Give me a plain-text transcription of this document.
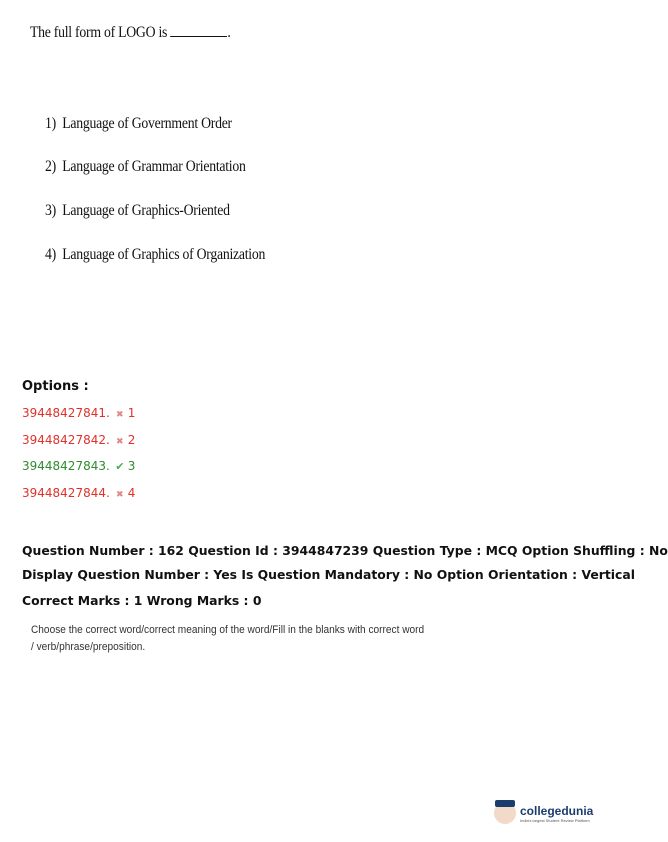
The full form of LOGO is	.
1) Language of Government Order
2) Language of Grammar Orientation
3) Language of Graphics-Oriented
4) Language of Graphics of Organization
Options :
39448427841. ✖ 1
39448427842. ✖ 2
39448427843. ✔ 3
39448427844. ✖ 4
Question Number : 162 Question Id : 3944847239 Question Type : MCQ Option Shuffling : No
Display Question Number : Yes Is Question Mandatory : No Option Orientation : Vertical
Correct Marks : 1 Wrong Marks : 0
Choose the correct word/correct meaning of the word/Fill in the blanks with correct word / verb/phrase/preposition.
collegedunia
India's largest Student Review Platform
